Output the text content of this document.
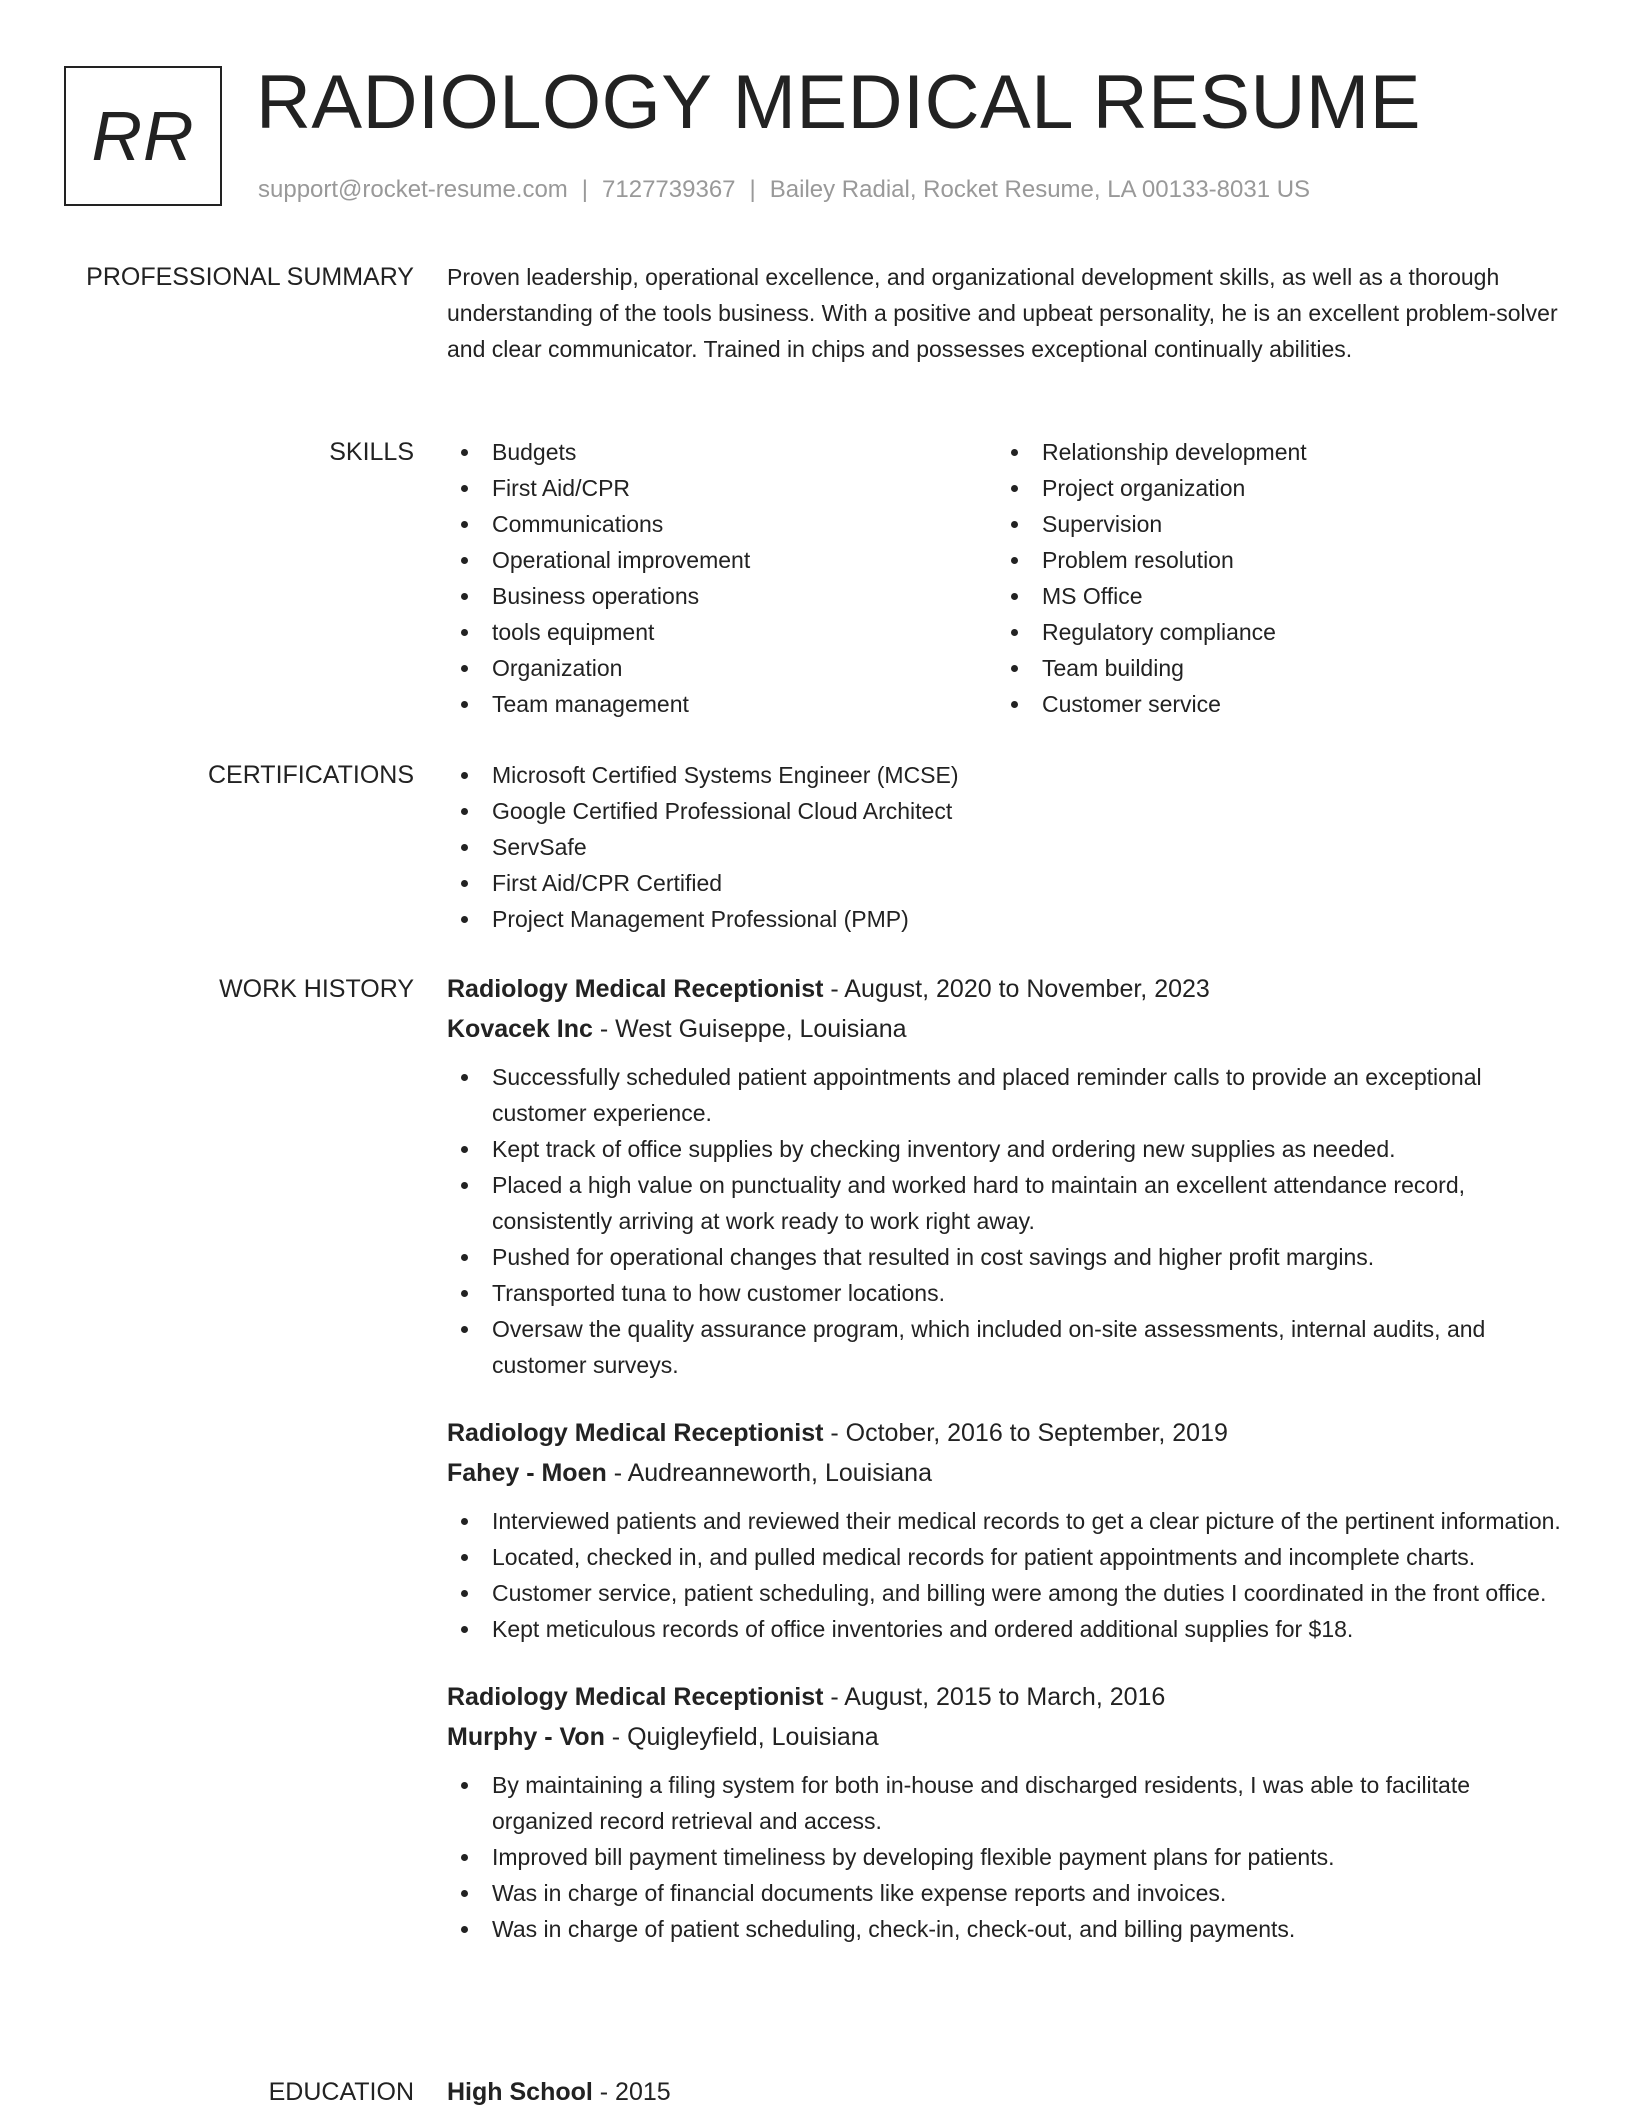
RR RADIOLOGY MEDICAL RESUME
support@rocket-resume.com | 7127739367 | Bailey Radial, Rocket Resume, LA 00133-8031 US
PROFESSIONAL SUMMARY Proven leadership, operational excellence, and organizational development skills, as well as a thorough understanding of the tools business. With a positive and upbeat personality, he is an excellent problem-solver and clear communicator. Trained in chips and possesses exceptional continually abilities.

SKILLS	Budgets
First Aid/CPR
Communications
Operational improvement
Business operations
tools equipment
Organization
Team management
Relationship development
Project organization
Supervision
Problem resolution
MS Office
Regulatory compliance
Team building
Customer service
CERTIFICATIONS	Microsoft Certified Systems Engineer (MCSE)
Google Certified Professional Cloud Architect
ServSafe
First Aid/CPR Certified
Project Management Professional (PMP)
WORK HISTORY Radiology Medical Receptionist - August, 2020 to November, 2023
Kovacek Inc - West Guiseppe, Louisiana
Successfully scheduled patient appointments and placed reminder calls to provide an exceptional customer experience.
Kept track of office supplies by checking inventory and ordering new supplies as needed.
Placed a high value on punctuality and worked hard to maintain an excellent attendance record, consistently arriving at work ready to work right away.
Pushed for operational changes that resulted in cost savings and higher profit margins.
Transported tuna to how customer locations.
Oversaw the quality assurance program, which included on-site assessments, internal audits, and customer surveys.
Radiology Medical Receptionist - October, 2016 to September, 2019
Fahey - Moen - Audreanneworth, Louisiana
Interviewed patients and reviewed their medical records to get a clear picture of the pertinent information.
Located, checked in, and pulled medical records for patient appointments and incomplete charts.
Customer service, patient scheduling, and billing were among the duties I coordinated in the front office.
Kept meticulous records of office inventories and ordered additional supplies for $18.
Radiology Medical Receptionist - August, 2015 to March, 2016
Murphy - Von - Quigleyfield, Louisiana
By maintaining a filing system for both in-house and discharged residents, I was able to facilitate organized record retrieval and access.
Improved bill payment timeliness by developing flexible payment plans for patients.
Was in charge of financial documents like expense reports and invoices.
Was in charge of patient scheduling, check-in, check-out, and billing payments.
EDUCATION High School - 2015
